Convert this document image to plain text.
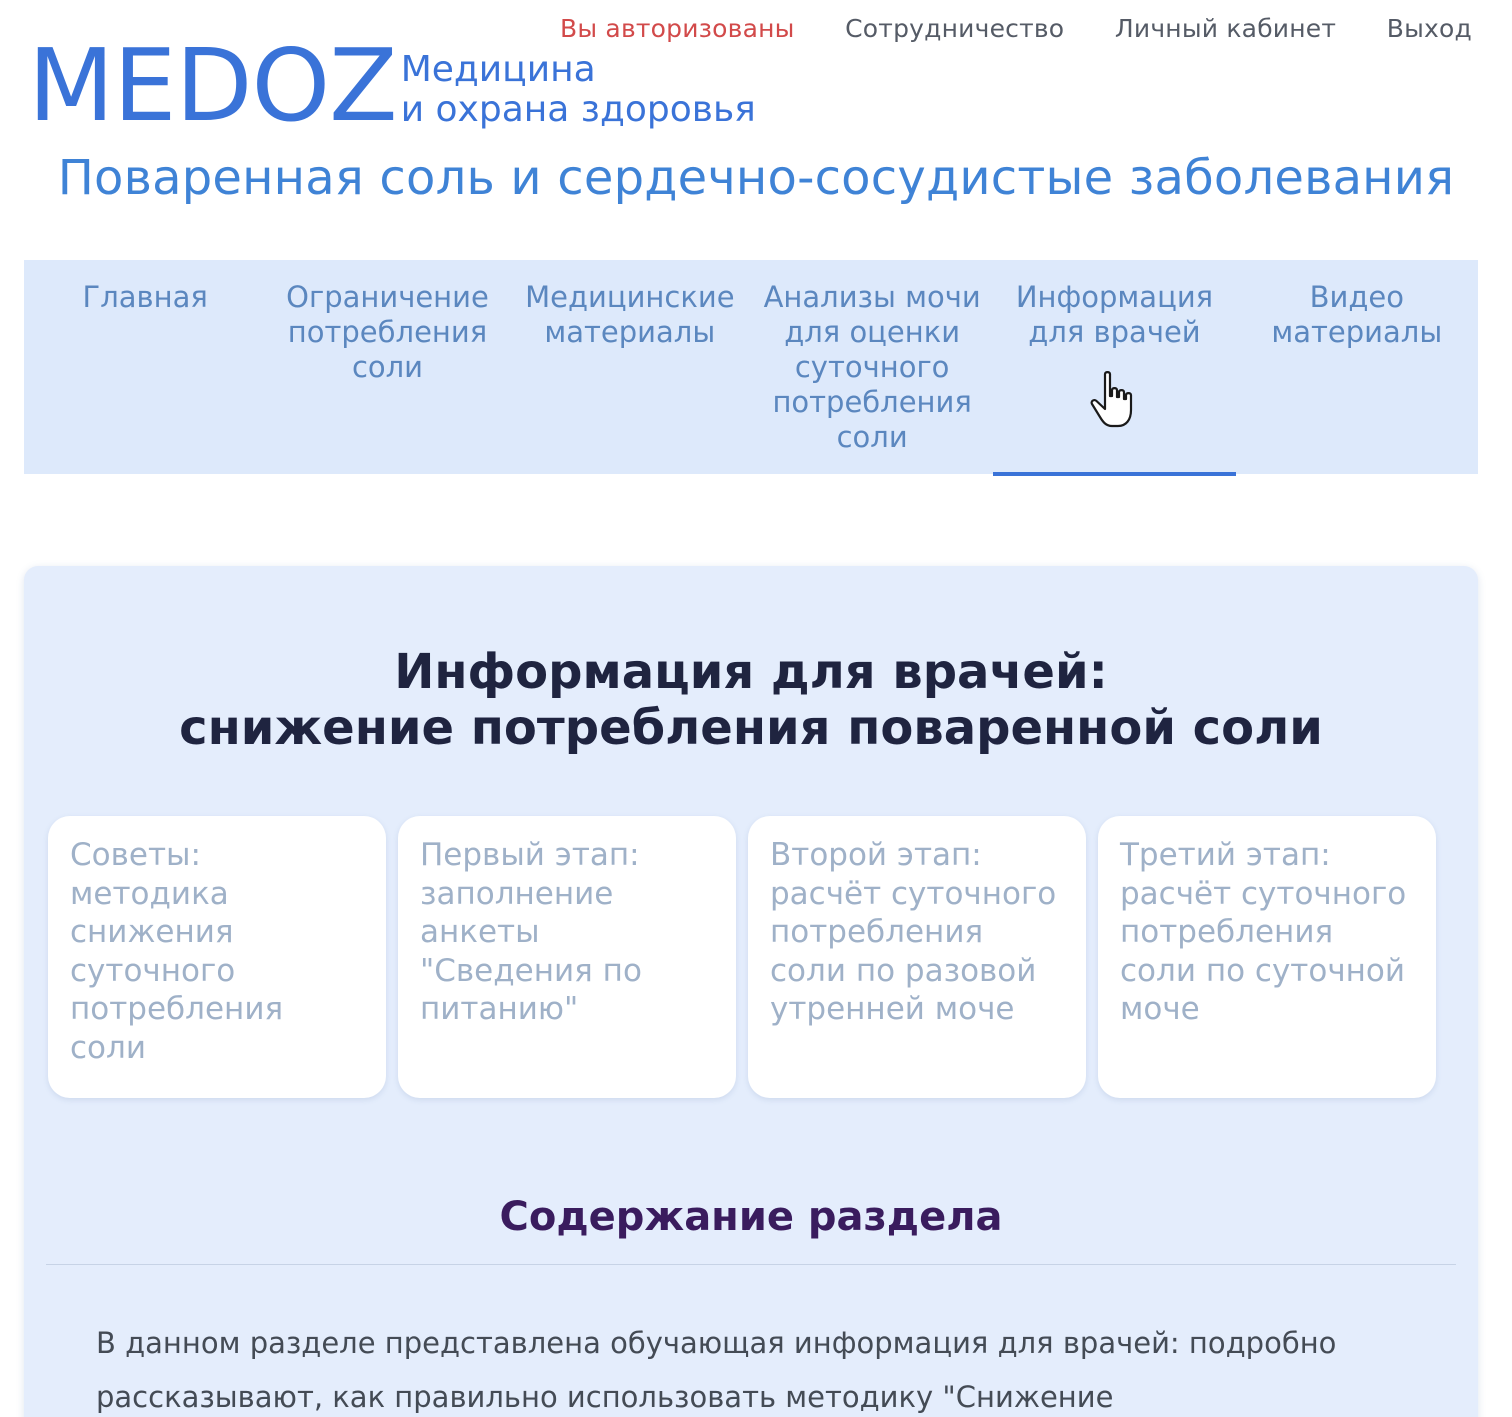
Вы авторизованы Сотрудничество Личный кабинет Выход
MEDOZ Медицина
и охрана здоровья
Поваренная соль и сердечно-сосудистые заболевания
Главная	Ограничение потребления соли
Медицинские материалы
Анализы мочи для оценки суточного потребления соли
Информация для врачей
Видео материалы
Информация для врачей:
снижение потребления поваренной соли
Советы: методика снижения суточного потребления соли
Первый этап: заполнение анкеты "Сведения по питанию"
Второй этап: расчёт суточного потребления соли по разовой утренней моче
Третий этап: расчёт суточного потребления соли по суточной моче
Содержание раздела
В данном разделе представлена обучающая информация для врачей: подробно рассказывают, как правильно использовать методику "Снижение
